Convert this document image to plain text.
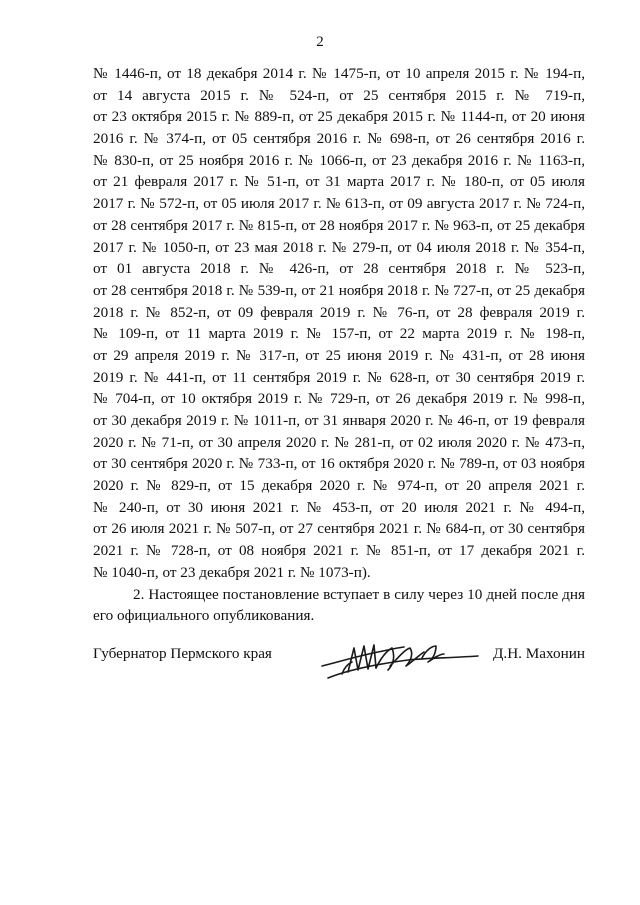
2
№ 1446-п, от 18 декабря 2014 г. № 1475-п, от 10 апреля 2015 г. № 194-п,
от 14 августа 2015 г. № 524-п, от 25 сентября 2015 г. № 719-п,
от 23 октября 2015 г. № 889-п, от 25 декабря 2015 г. № 1144-п, от 20 июня
2016 г. № 374-п, от 05 сентября 2016 г. № 698-п, от 26 сентября 2016 г.
№ 830-п, от 25 ноября 2016 г. № 1066-п, от 23 декабря 2016 г. № 1163-п,
от 21 февраля 2017 г. № 51-п, от 31 марта 2017 г. № 180-п, от 05 июля
2017 г. № 572-п, от 05 июля 2017 г. № 613-п, от 09 августа 2017 г. № 724-п,
от 28 сентября 2017 г. № 815-п, от 28 ноября 2017 г. № 963-п, от 25 декабря
2017 г. № 1050-п, от 23 мая 2018 г. № 279-п, от 04 июля 2018 г. № 354-п,
от 01 августа 2018 г. № 426-п, от 28 сентября 2018 г. № 523-п,
от 28 сентября 2018 г. № 539-п, от 21 ноября 2018 г. № 727-п, от 25 декабря
2018 г. № 852-п, от 09 февраля 2019 г. № 76-п, от 28 февраля 2019 г.
№ 109-п, от 11 марта 2019 г. № 157-п, от 22 марта 2019 г. № 198-п,
от 29 апреля 2019 г. № 317-п, от 25 июня 2019 г. № 431-п, от 28 июня
2019 г. № 441-п, от 11 сентября 2019 г. № 628-п, от 30 сентября 2019 г.
№ 704-п, от 10 октября 2019 г. № 729-п, от 26 декабря 2019 г. № 998-п,
от 30 декабря 2019 г. № 1011-п, от 31 января 2020 г. № 46-п, от 19 февраля
2020 г. № 71-п, от 30 апреля 2020 г. № 281-п, от 02 июля 2020 г. № 473-п,
от 30 сентября 2020 г. № 733-п, от 16 октября 2020 г. № 789-п, от 03 ноября
2020 г. № 829-п, от 15 декабря 2020 г. № 974-п, от 20 апреля 2021 г.
№ 240-п, от 30 июня 2021 г. № 453-п, от 20 июля 2021 г. № 494-п,
от 26 июля 2021 г. № 507-п, от 27 сентября 2021 г. № 684-п, от 30 сентября
2021 г. № 728-п, от 08 ноября 2021 г. № 851-п, от 17 декабря 2021 г.
№ 1040-п, от 23 декабря 2021 г. № 1073-п).
2. Настоящее постановление вступает в силу через 10 дней после дня
его официального опубликования.
Губернатор Пермского края	Д.Н. Махонин
